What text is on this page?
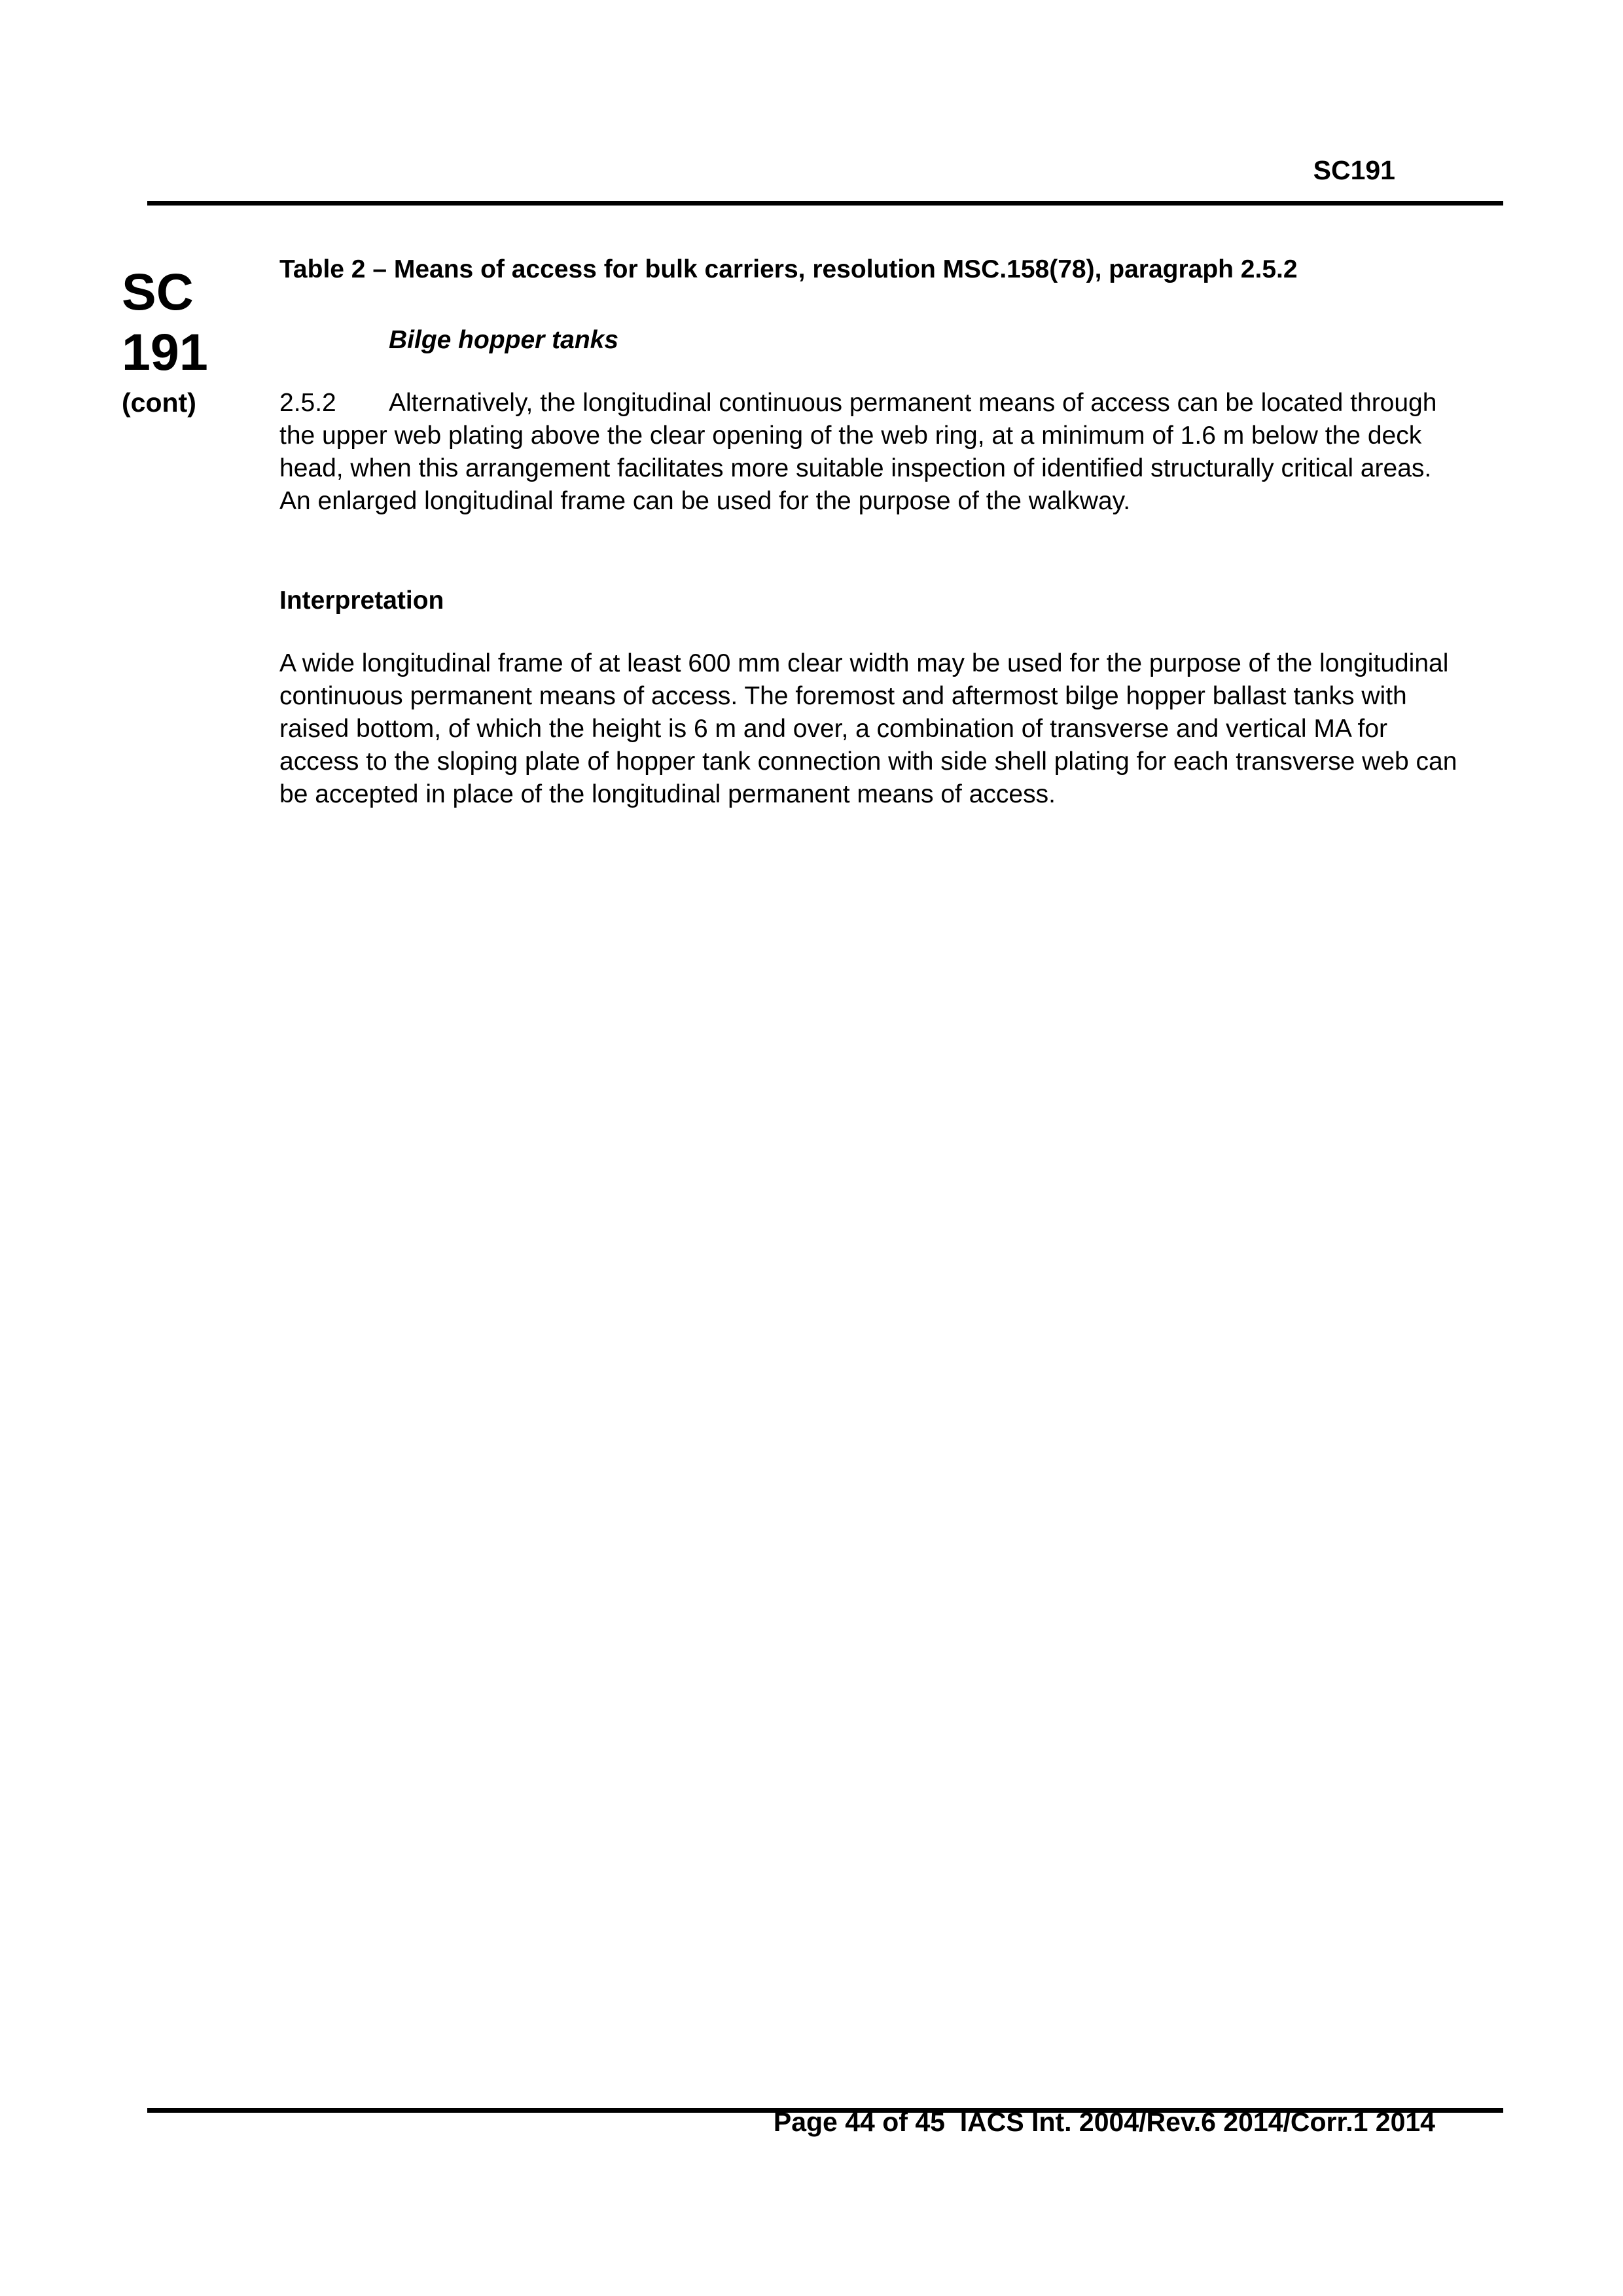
SC191
SC
191
(cont)

Table 2 – Means of access for bulk carriers, resolution MSC.158(78), paragraph 2.5.2

Bilge hopper tanks

2.5.2 Alternatively, the longitudinal continuous permanent means of access can be located through the upper web plating above the clear opening of the web ring, at a minimum of 1.6 m below the deck head, when this arrangement facilitates more suitable inspection of identified structurally critical areas. An enlarged longitudinal frame can be used for the purpose of the walkway.

Interpretation

A wide longitudinal frame of at least 600 mm clear width may be used for the purpose of the longitudinal continuous permanent means of access. The foremost and aftermost bilge hopper ballast tanks with raised bottom, of which the height is 6 m and over, a combination of transverse and vertical MA for access to the sloping plate of hopper tank connection with side shell plating for each transverse web can be accepted in place of the longitudinal permanent means of access.

Page 44 of 45  IACS Int. 2004/Rev.6 2014/Corr.1 2014
